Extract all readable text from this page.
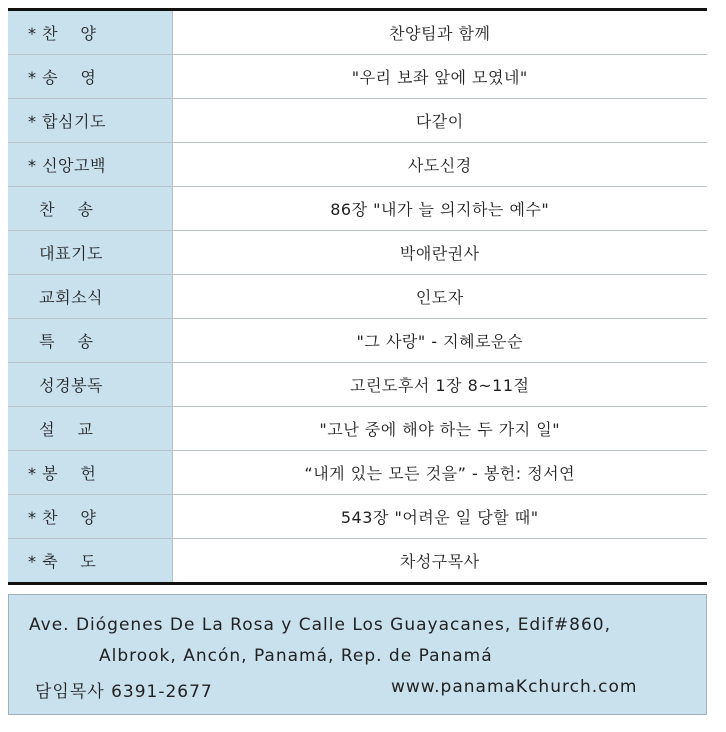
* 찬    양	찬양팀과 함께
* 송    영	"우리 보좌 앞에 모였네"
* 합심기도	다같이
* 신앙고백	사도신경
찬    송	86장 "내가 늘 의지하는 예수"
대표기도	박애란권사
교회소식	인도자
특    송	"그 사랑" - 지혜로운순
성경봉독	고린도후서 1장 8~11절
설    교	"고난 중에 해야 하는 두 가지 일"
* 봉    헌	“내게 있는 모든 것을” - 봉헌: 정서연
* 찬    양	543장 "어려운 일 당할 때"
* 축    도	차성구목사
Ave. Diógenes De La Rosa y Calle Los Guayacanes, Edif#860,
Albrook, Ancón, Panamá, Rep. de Panamá
담임목사 6391-2677	www.panamaKchurch.com
